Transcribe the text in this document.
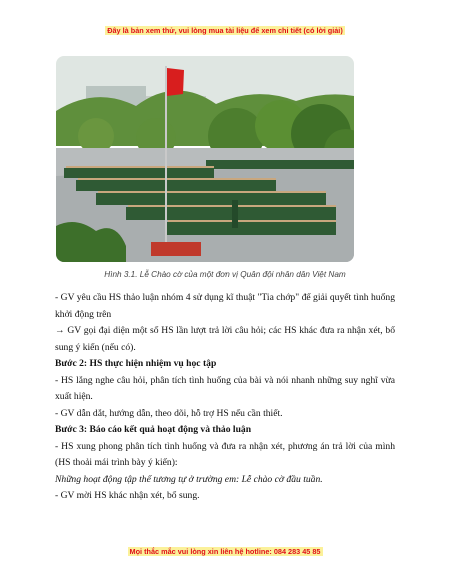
Đây là bản xem thử, vui lòng mua tài liệu để xem chi tiết (có lời giải)
Hình 3.1. Lễ Chào cờ của một đơn vị Quân đội nhân dân Việt Nam

- GV yêu cầu HS thảo luận nhóm 4 sử dụng kĩ thuật "Tia chớp" để giải quyết tình huống khởi động trên

→ GV gọi đại diện một số HS lần lượt trả lời câu hỏi; các HS khác đưa ra nhận xét, bổ sung ý kiến (nếu có).

Bước 2: HS thực hiện nhiệm vụ học tập

- HS lắng nghe câu hỏi, phân tích tình huống của bài và nói nhanh những suy nghĩ vừa xuất hiện.

- GV dẫn dắt, hướng dẫn, theo dõi, hỗ trợ HS nếu cần thiết.

Bước 3: Báo cáo kết quả hoạt động và thảo luận

- HS xung phong phân tích tình huống và đưa ra nhận xét, phương án trả lời của mình (HS thoải mái trình bày ý kiến):

Những hoạt động tập thể tương tự ở trường em: Lễ chào cờ đầu tuần.

- GV mời HS khác nhận xét, bổ sung.

Mọi thắc mắc vui lòng xin liên hệ hotline: 084 283 45 85
